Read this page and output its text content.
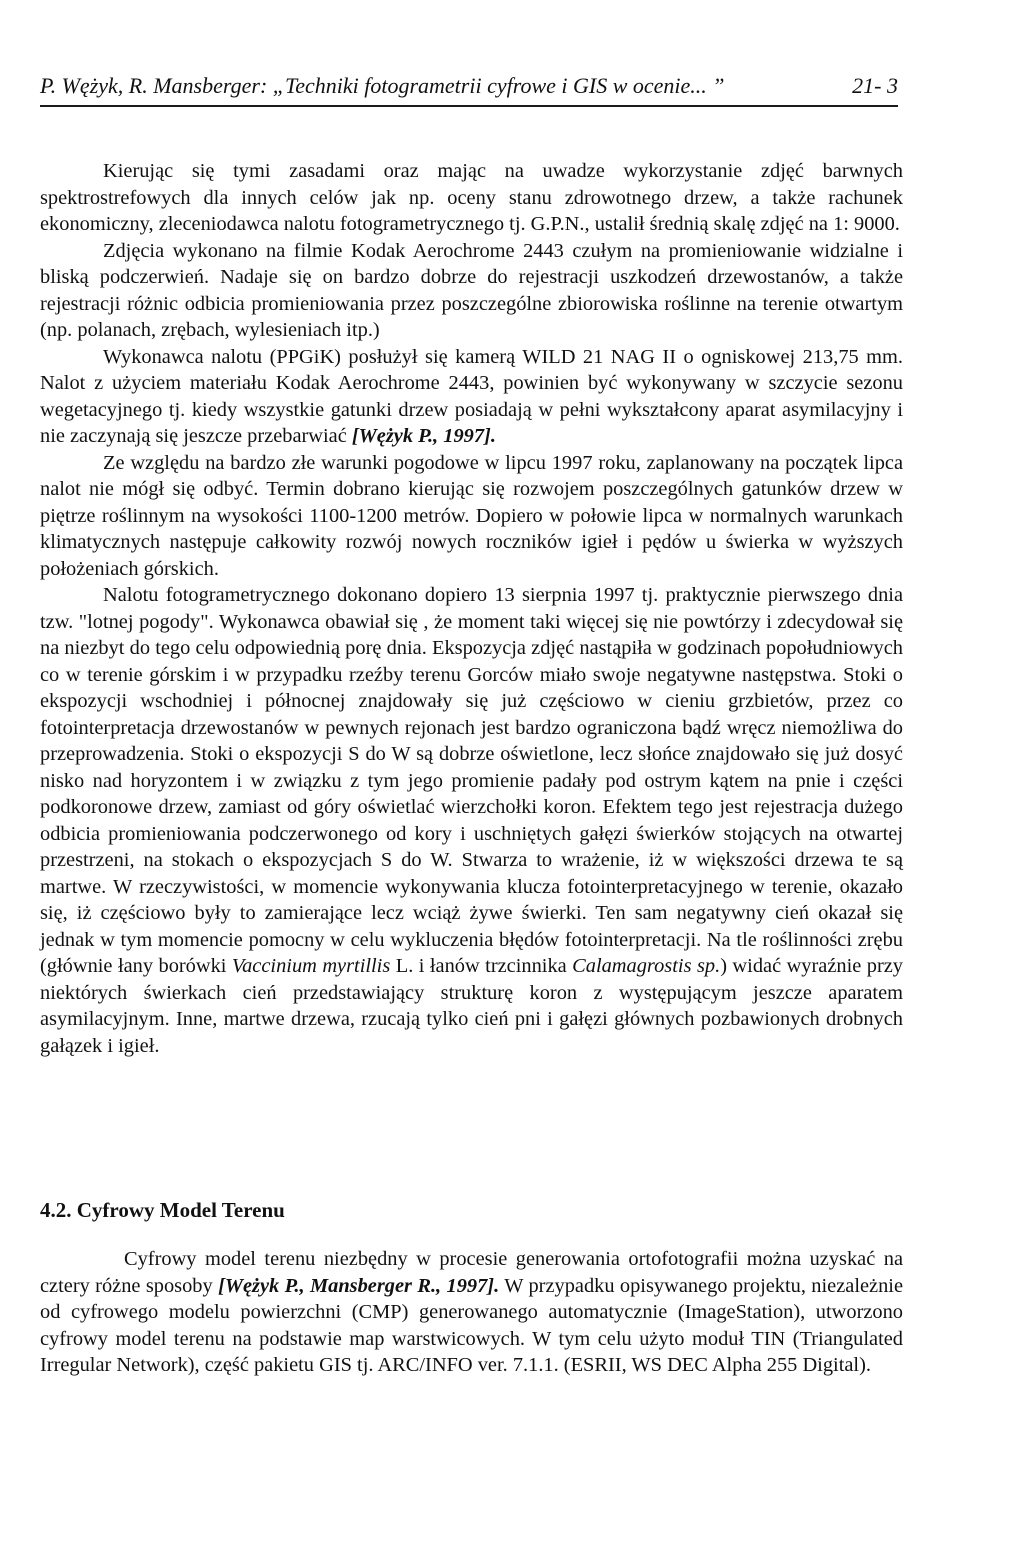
P. Wężyk, R. Mansberger: „Techniki fotogrametrii cyfrowe i GIS w ocenie... ”	21- 3

Kierując się tymi zasadami oraz mając na uwadze wykorzystanie zdjęć barwnych spektrostrefowych dla innych celów jak np. oceny stanu zdrowotnego drzew, a także rachunek ekonomiczny, zleceniodawca nalotu fotogrametrycznego tj. G.P.N., ustalił średnią skalę zdjęć na 1: 9000.

Zdjęcia wykonano na filmie Kodak Aerochrome 2443 czułym na promieniowanie widzialne i bliską podczerwień. Nadaje się on bardzo dobrze do rejestracji uszkodzeń drzewostanów, a także rejestracji różnic odbicia promieniowania przez poszczególne zbiorowiska roślinne na terenie otwartym (np. polanach, zrębach, wylesieniach itp.)

Wykonawca nalotu (PPGiK) posłużył się kamerą WILD 21 NAG II o ogniskowej 213,75 mm. Nalot z użyciem materiału Kodak Aerochrome 2443, powinien być wykonywany w szczycie sezonu wegetacyjnego tj. kiedy wszystkie gatunki drzew posiadają w pełni wykształcony aparat asymilacyjny i nie zaczynają się jeszcze przebarwiać [Wężyk P., 1997].

Ze względu na bardzo złe warunki pogodowe w lipcu 1997 roku, zaplanowany na początek lipca nalot nie mógł się odbyć. Termin dobrano kierując się rozwojem poszczególnych gatunków drzew w piętrze roślinnym na wysokości 1100-1200 metrów. Dopiero w połowie lipca w normalnych warunkach klimatycznych następuje całkowity rozwój nowych roczników igieł i pędów u świerka w wyższych położeniach górskich.

Nalotu fotogrametrycznego dokonano dopiero 13 sierpnia 1997 tj. praktycznie pierwszego dnia tzw. "lotnej pogody". Wykonawca obawiał się , że moment taki więcej się nie powtórzy i zdecydował się na niezbyt do tego celu odpowiednią porę dnia. Ekspozycja zdjęć nastąpiła w godzinach popołudniowych co w terenie górskim i w przypadku rzeźby terenu Gorców miało swoje negatywne następstwa. Stoki o ekspozycji wschodniej i północnej znajdowały się już częściowo w cieniu grzbietów, przez co fotointerpretacja drzewostanów w pewnych rejonach jest bardzo ograniczona bądź wręcz niemożliwa do przeprowadzenia. Stoki o ekspozycji S do W są dobrze oświetlone, lecz słońce znajdowało się już dosyć nisko nad horyzontem i w związku z tym jego promienie padały pod ostrym kątem na pnie i części podkoronowe drzew, zamiast od góry oświetlać wierzchołki koron. Efektem tego jest rejestracja dużego odbicia promieniowania podczerwonego od kory i uschniętych gałęzi świerków stojących na otwartej przestrzeni, na stokach o ekspozycjach S do W. Stwarza to wrażenie, iż w większości drzewa te są martwe. W rzeczywistości, w momencie wykonywania klucza fotointerpretacyjnego w terenie, okazało się, iż częściowo były to zamierające lecz wciąż żywe świerki. Ten sam negatywny cień okazał się jednak w tym momencie pomocny w celu wykluczenia błędów fotointerpretacji. Na tle roślinności zrębu (głównie łany borówki Vaccinium myrtillis L. i łanów trzcinnika Calamagrostis sp.) widać wyraźnie przy niektórych świerkach cień przedstawiający strukturę koron z występującym jeszcze aparatem asymilacyjnym. Inne, martwe drzewa, rzucają tylko cień pni i gałęzi głównych pozbawionych drobnych gałązek i igieł.

4.2. Cyfrowy Model Terenu

Cyfrowy model terenu niezbędny w procesie generowania ortofotografii można uzyskać na cztery różne sposoby [Wężyk P., Mansberger R., 1997]. W przypadku opisywanego projektu, niezależnie od cyfrowego modelu powierzchni (CMP) generowanego automatycznie (ImageStation), utworzono cyfrowy model terenu na podstawie map warstwicowych. W tym celu użyto moduł TIN (Triangulated Irregular Network), część pakietu GIS tj. ARC/INFO ver. 7.1.1. (ESRII, WS DEC Alpha 255 Digital).
